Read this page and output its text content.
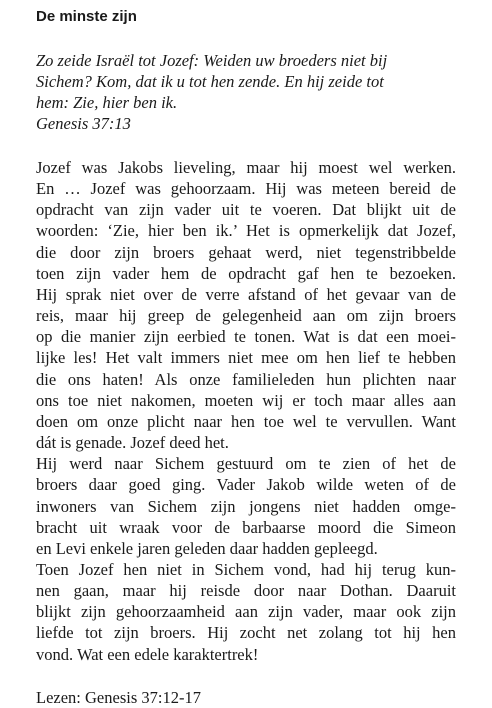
De minste zijn
Zo zeide Israël tot Jozef: Weiden uw broeders niet bij
Sichem? Kom, dat ik u tot hen zende. En hij zeide tot
hem: Zie, hier ben ik.
Genesis 37:13
Jozef was Jakobs lieveling, maar hij moest wel werken.
En … Jozef was gehoorzaam. Hij was meteen bereid de
opdracht van zijn vader uit te voeren. Dat blijkt uit de
woorden: ‘Zie, hier ben ik.’ Het is opmerkelijk dat Jozef,
die door zijn broers gehaat werd, niet tegenstribbelde
toen zijn vader hem de opdracht gaf hen te bezoeken.
Hij sprak niet over de verre afstand of het gevaar van de
reis, maar hij greep de gelegenheid aan om zijn broers
op die manier zijn eerbied te tonen. Wat is dat een moei-
lijke les! Het valt immers niet mee om hen lief te hebben
die ons haten! Als onze familieleden hun plichten naar
ons toe niet nakomen, moeten wij er toch maar alles aan
doen om onze plicht naar hen toe wel te vervullen. Want
dát is genade. Jozef deed het.
Hij werd naar Sichem gestuurd om te zien of het de
broers daar goed ging. Vader Jakob wilde weten of de
inwoners van Sichem zijn jongens niet hadden omge-
bracht uit wraak voor de barbaarse moord die Simeon
en Levi enkele jaren geleden daar hadden gepleegd.
Toen Jozef hen niet in Sichem vond, had hij terug kun-
nen gaan, maar hij reisde door naar Dothan. Daaruit
blijkt zijn gehoorzaamheid aan zijn vader, maar ook zijn
liefde tot zijn broers. Hij zocht net zolang tot hij hen
vond. Wat een edele karaktertrek!
Lezen: Genesis 37:12-17
